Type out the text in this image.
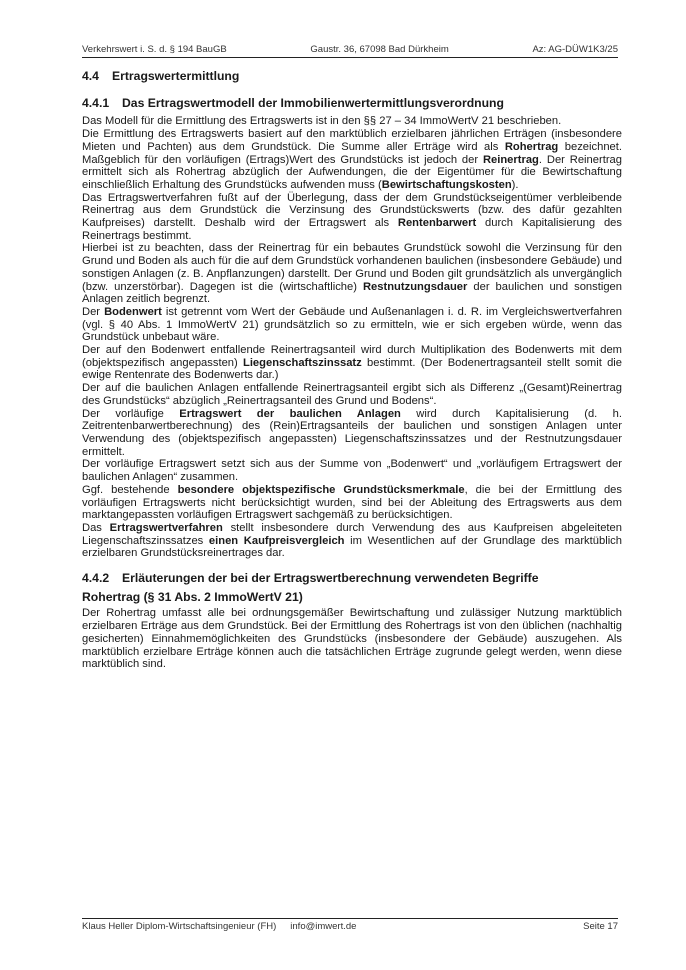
Verkehrswert i. S. d. § 194 BauGB	Gaustr. 36, 67098 Bad Dürkheim	Az: AG-DÜW1K3/25
4.4 Ertragswertermittlung
4.4.1 Das Ertragswertmodell der Immobilienwertermittlungsverordnung

Das Modell für die Ermittlung des Ertragswerts ist in den §§ 27 – 34 ImmoWertV 21 beschrieben.

Die Ermittlung des Ertragswerts basiert auf den marktüblich erzielbaren jährlichen Erträgen (insbesondere Mieten und Pachten) aus dem Grundstück. Die Summe aller Erträge wird als Rohertrag bezeichnet. Maßgeblich für den vorläufigen (Ertrags)Wert des Grundstücks ist jedoch der Reinertrag. Der Reinertrag ermittelt sich als Rohertrag abzüglich der Aufwendungen, die der Eigentümer für die Bewirtschaftung einschließlich Erhaltung des Grundstücks aufwenden muss (Bewirtschaftungskosten).

Das Ertragswertverfahren fußt auf der Überlegung, dass der dem Grundstückseigentümer verbleibende Reinertrag aus dem Grundstück die Verzinsung des Grundstückswerts (bzw. des dafür gezahlten Kaufpreises) darstellt. Deshalb wird der Ertragswert als Rentenbarwert durch Kapitalisierung des Reinertrags bestimmt.

Hierbei ist zu beachten, dass der Reinertrag für ein bebautes Grundstück sowohl die Verzinsung für den Grund und Boden als auch für die auf dem Grundstück vorhandenen baulichen (insbesondere Gebäude) und sonstigen Anlagen (z. B. Anpflanzungen) darstellt. Der Grund und Boden gilt grundsätzlich als unvergänglich (bzw. unzerstörbar). Dagegen ist die (wirtschaftliche) Restnutzungsdauer der baulichen und sonstigen Anlagen zeitlich begrenzt.

Der Bodenwert ist getrennt vom Wert der Gebäude und Außenanlagen i. d. R. im Vergleichswertverfahren (vgl. § 40 Abs. 1 ImmoWertV 21) grundsätzlich so zu ermitteln, wie er sich ergeben würde, wenn das Grundstück unbebaut wäre.

Der auf den Bodenwert entfallende Reinertragsanteil wird durch Multiplikation des Bodenwerts mit dem (objektspezifisch angepassten) Liegenschaftszinssatz bestimmt. (Der Bodenertragsanteil stellt somit die ewige Rentenrate des Bodenwerts dar.)

Der auf die baulichen Anlagen entfallende Reinertragsanteil ergibt sich als Differenz „(Gesamt)Reinertrag des Grundstücks“ abzüglich „Reinertragsanteil des Grund und Bodens“.

Der vorläufige Ertragswert der baulichen Anlagen wird durch Kapitalisierung (d. h. Zeitrentenbarwertberechnung) des (Rein)Ertragsanteils der baulichen und sonstigen Anlagen unter Verwendung des (objektspezifisch angepassten) Liegenschaftszinssatzes und der Restnutzungsdauer ermittelt.

Der vorläufige Ertragswert setzt sich aus der Summe von „Bodenwert“ und „vorläufigem Ertragswert der baulichen Anlagen“ zusammen.

Ggf. bestehende besondere objektspezifische Grundstücksmerkmale, die bei der Ermittlung des vorläufigen Ertragswerts nicht berücksichtigt wurden, sind bei der Ableitung des Ertragswerts aus dem marktangepassten vorläufigen Ertragswert sachgemäß zu berücksichtigen.

Das Ertragswertverfahren stellt insbesondere durch Verwendung des aus Kaufpreisen abgeleiteten Liegenschaftszinssatzes einen Kaufpreisvergleich im Wesentlichen auf der Grundlage des marktüblich erzielbaren Grundstücksreinertrages dar.

4.4.2 Erläuterungen der bei der Ertragswertberechnung verwendeten Begriffe
Rohertrag (§ 31 Abs. 2 ImmoWertV 21)

Der Rohertrag umfasst alle bei ordnungsgemäßer Bewirtschaftung und zulässiger Nutzung marktüblich erzielbaren Erträge aus dem Grundstück. Bei der Ermittlung des Rohertrags ist von den üblichen (nachhaltig gesicherten) Einnahmemöglichkeiten des Grundstücks (insbesondere der Gebäude) auszugehen. Als marktüblich erzielbare Erträge können auch die tatsächlichen Erträge zugrunde gelegt werden, wenn diese marktüblich sind.

Klaus Heller Diplom-Wirtschaftsingenieur (FH) info@imwert.de	Seite 17
